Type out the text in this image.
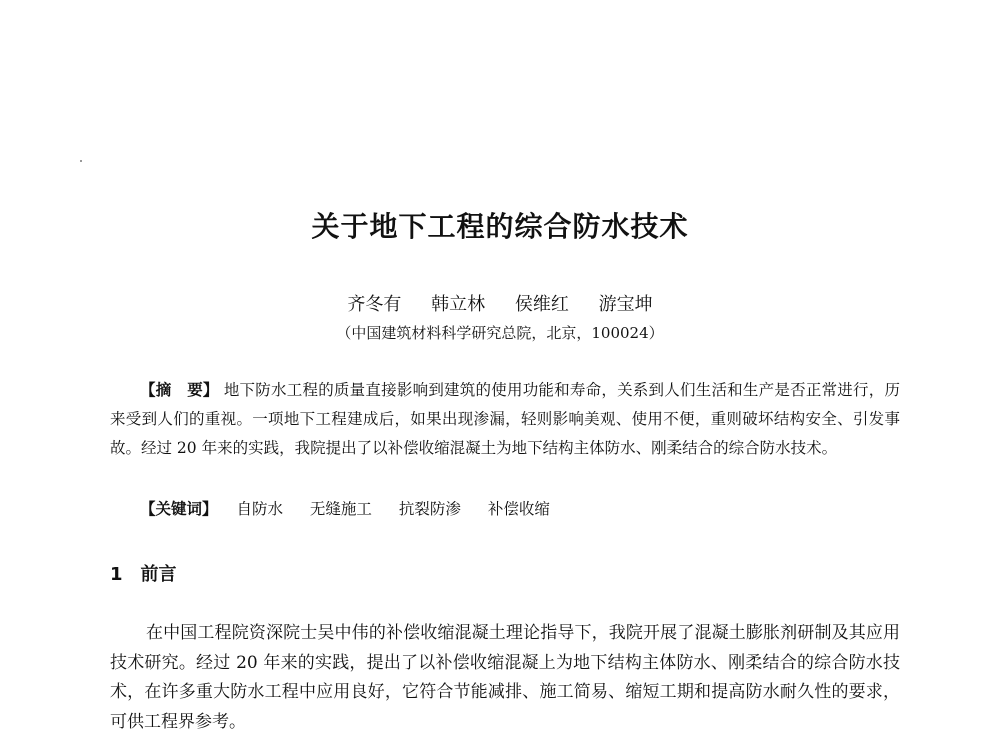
关于地下工程的综合防水技术
齐冬有 韩立林 侯维红 游宝坤
（中国建筑材料科学研究总院，北京，100024）

【摘　要】 地下防水工程的质量直接影响到建筑的使用功能和寿命，关系到人们生活和生产是否正常进行，历来受到人们的重视。一项地下工程建成后，如果出现渗漏，轻则影响美观、使用不便，重则破坏结构安全、引发事故。经过 20 年来的实践，我院提出了以补偿收缩混凝土为地下结构主体防水、刚柔结合的综合防水技术。

【关键词】 自防水 无缝施工 抗裂防渗 补偿收缩
1 前言

在中国工程院资深院士吴中伟的补偿收缩混凝土理论指导下，我院开展了混凝土膨胀剂研制及其应用技术研究。经过 20 年来的实践，提出了以补偿收缩混凝上为地下结构主体防水、刚柔结合的综合防水技术，在许多重大防水工程中应用良好，它符合节能减排、施工简易、缩短工期和提高防水耐久性的要求，可供工程界参考。
